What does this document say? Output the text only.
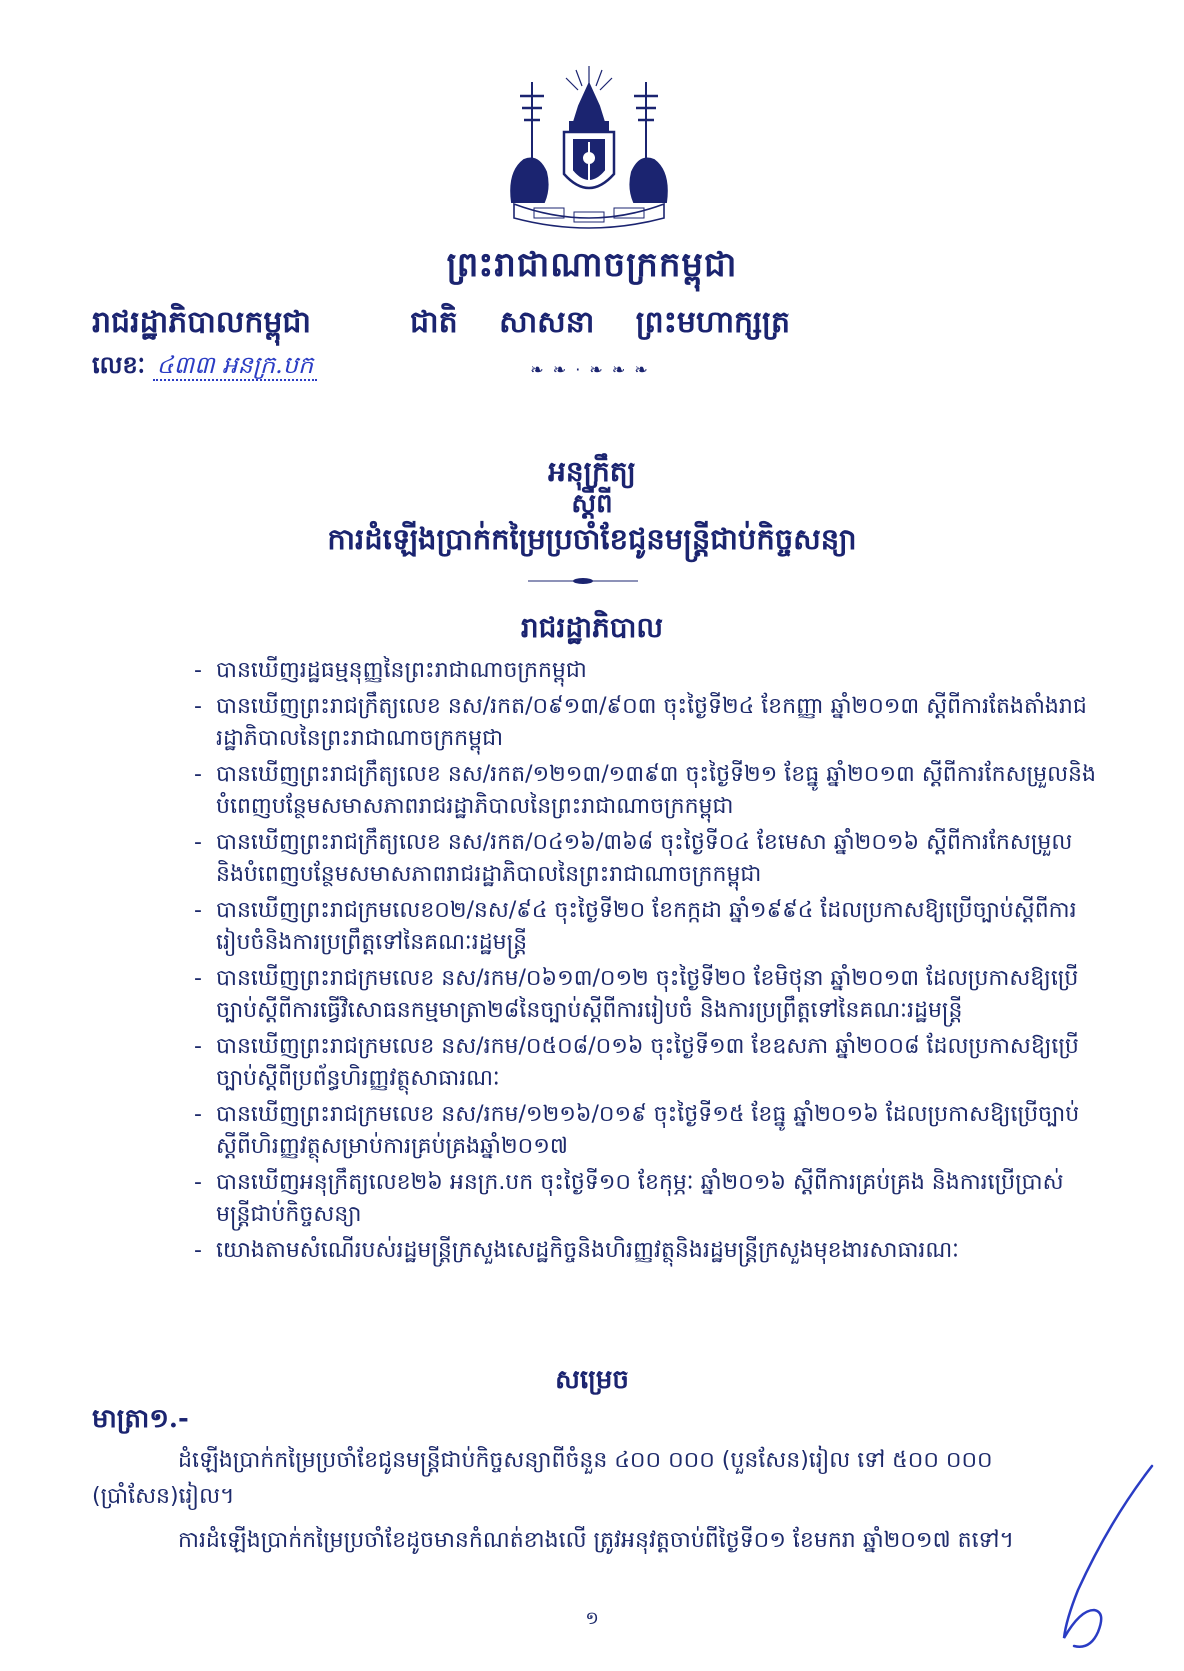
ព្រះរាជាណាចក្រកម្ពុជា
រាជរដ្ឋាភិបាលកម្ពុជា	ជាតិ សាសនា ព្រះមហាក្សត្រ
❧ ❧ · ❧ ❧ ❧
លេខៈ ៤៣៣ អនក្រ.បក
អនុក្រឹត្យ
ស្តីពី
ការដំឡើងប្រាក់កម្រៃប្រចាំខែជូនមន្ត្រីជាប់កិច្ចសន្យា
រាជរដ្ឋាភិបាល
- បានឃើញរដ្ឋធម្មនុញ្ញនៃព្រះរាជាណាចក្រកម្ពុជា
- បានឃើញព្រះរាជក្រឹត្យលេខ នស/រកត/០៩១៣/៩០៣ ចុះថ្ងៃទី២៤ ខែកញ្ញា ឆ្នាំ២០១៣ ស្តីពីការតែងតាំងរាជរដ្ឋាភិបាលនៃព្រះរាជាណាចក្រកម្ពុជា
- បានឃើញព្រះរាជក្រឹត្យលេខ នស/រកត/១២១៣/១៣៩៣ ចុះថ្ងៃទី២១ ខែធ្នូ ឆ្នាំ២០១៣ ស្តីពីការកែសម្រួលនិងបំពេញបន្ថែមសមាសភាពរាជរដ្ឋាភិបាលនៃព្រះរាជាណាចក្រកម្ពុជា
- បានឃើញព្រះរាជក្រឹត្យលេខ នស/រកត/០៤១៦/៣៦៨ ចុះថ្ងៃទី០៤ ខែមេសា ឆ្នាំ២០១៦ ស្តីពីការកែសម្រួលនិងបំពេញបន្ថែមសមាសភាពរាជរដ្ឋាភិបាលនៃព្រះរាជាណាចក្រកម្ពុជា
- បានឃើញព្រះរាជក្រមលេខ០២/នស/៩៤ ចុះថ្ងៃទី២០ ខែកក្កដា ឆ្នាំ១៩៩៤ ដែលប្រកាសឱ្យប្រើច្បាប់ស្តីពីការរៀបចំនិងការប្រព្រឹត្តទៅនៃគណៈរដ្ឋមន្ត្រី
- បានឃើញព្រះរាជក្រមលេខ នស/រកម/០៦១៣/០១២ ចុះថ្ងៃទី២០ ខែមិថុនា ឆ្នាំ២០១៣ ដែលប្រកាសឱ្យប្រើច្បាប់ស្តីពីការធ្វើវិសោធនកម្មមាត្រា២៨នៃច្បាប់ស្តីពីការរៀបចំ និងការប្រព្រឹត្តទៅនៃគណៈរដ្ឋមន្ត្រី
- បានឃើញព្រះរាជក្រមលេខ នស/រកម/០៥០៨/០១៦ ចុះថ្ងៃទី១៣ ខែឧសភា ឆ្នាំ២០០៨ ដែលប្រកាសឱ្យប្រើច្បាប់ស្តីពីប្រព័ន្ធហិរញ្ញវត្ថុសាធារណៈ
- បានឃើញព្រះរាជក្រមលេខ នស/រកម/១២១៦/០១៩ ចុះថ្ងៃទី១៥ ខែធ្នូ ឆ្នាំ២០១៦ ដែលប្រកាសឱ្យប្រើច្បាប់ស្តីពីហិរញ្ញវត្ថុសម្រាប់ការគ្រប់គ្រងឆ្នាំ២០១៧
- បានឃើញអនុក្រឹត្យលេខ២៦ អនក្រ.បក ចុះថ្ងៃទី១០ ខែកុម្ភៈ ឆ្នាំ២០១៦ ស្តីពីការគ្រប់គ្រង និងការប្រើប្រាស់មន្ត្រីជាប់កិច្ចសន្យា
- យោងតាមសំណើរបស់រដ្ឋមន្ត្រីក្រសួងសេដ្ឋកិច្ចនិងហិរញ្ញវត្ថុនិងរដ្ឋមន្ត្រីក្រសួងមុខងារសាធារណៈ
សម្រេច
មាត្រា១.-
ដំឡើងប្រាក់កម្រៃប្រចាំខែជូនមន្ត្រីជាប់កិច្ចសន្យាពីចំនួន ៤០០ ០០០ (បួនសែន)រៀល ទៅ ៥០០ ០០០ (ប្រាំសែន)រៀល។
ការដំឡើងប្រាក់កម្រៃប្រចាំខែដូចមានកំណត់ខាងលើ ត្រូវអនុវត្តចាប់ពីថ្ងៃទី០១ ខែមករា ឆ្នាំ២០១៧ តទៅ។
១
